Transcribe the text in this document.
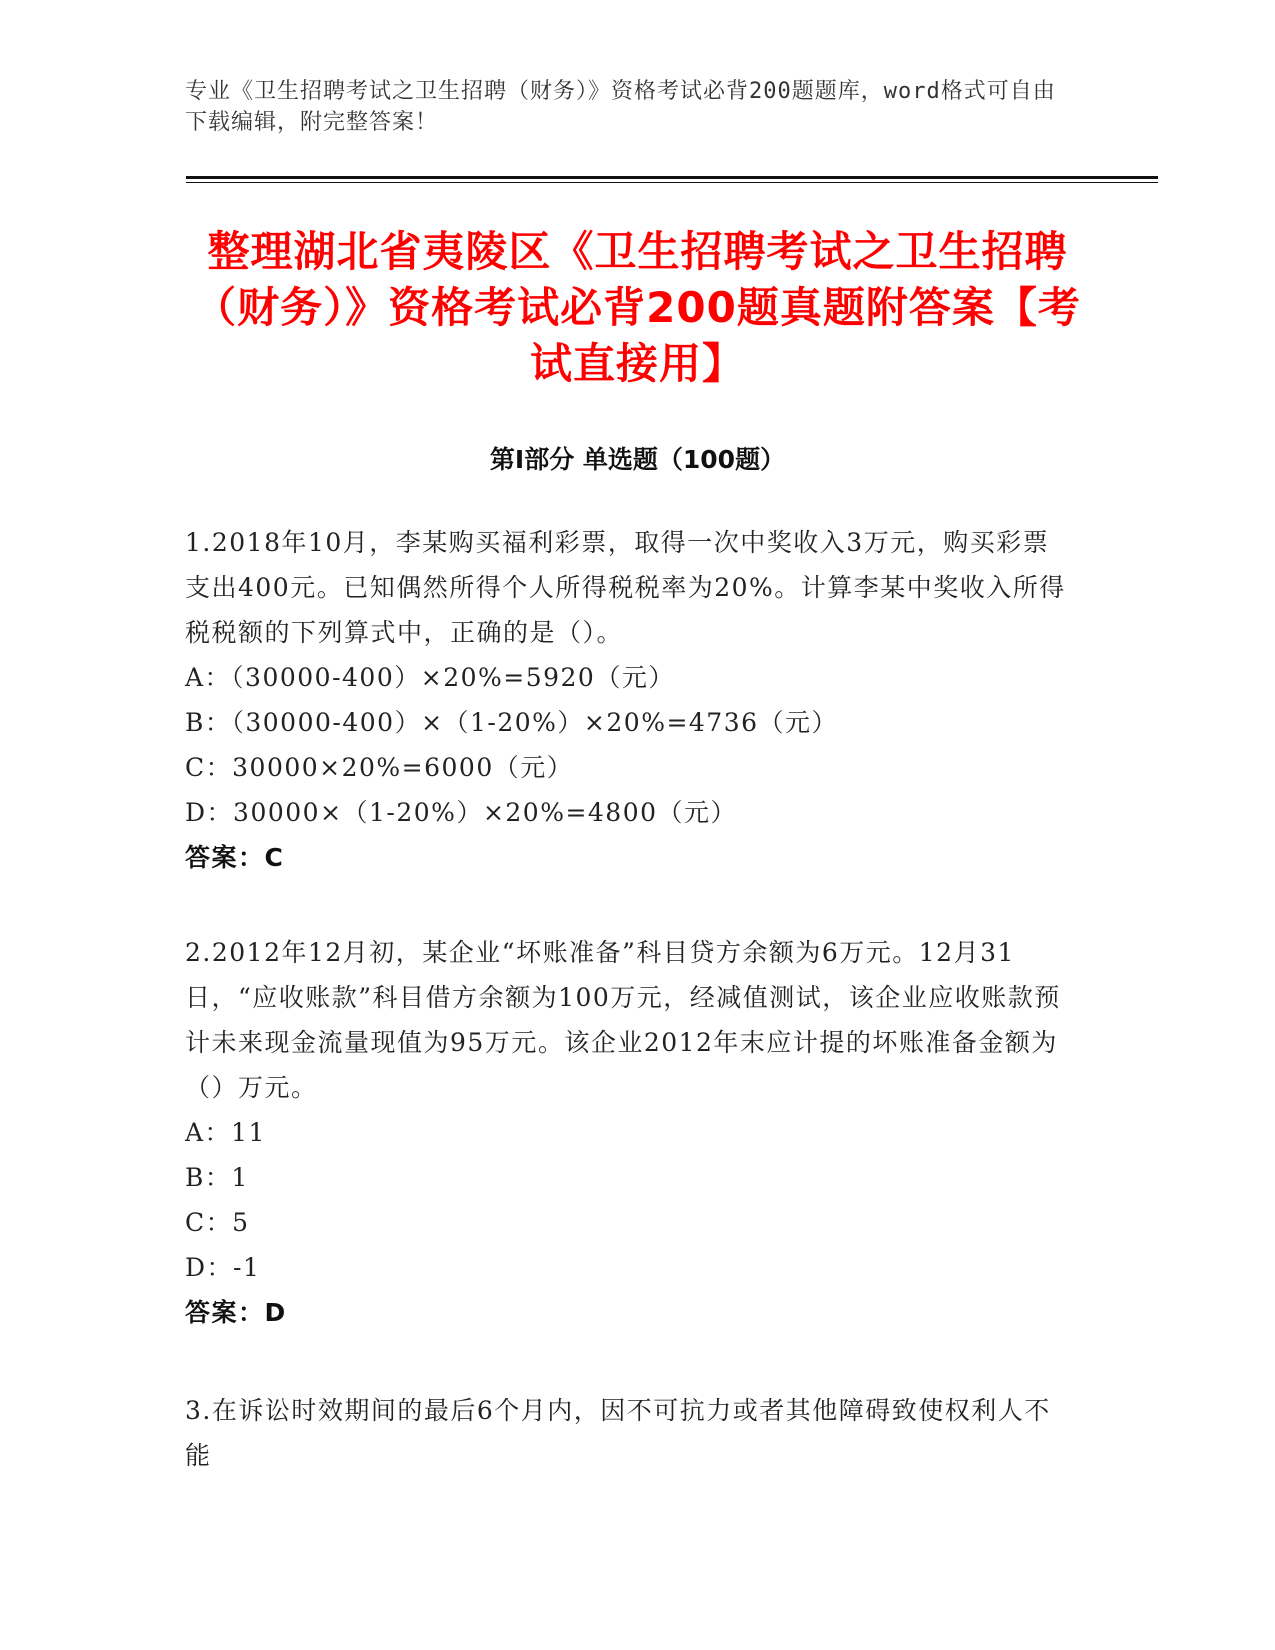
专业《卫生招聘考试之卫生招聘（财务）》资格考试必背200题题库，word格式可自由下载编辑，附完整答案！
整理湖北省夷陵区《卫生招聘考试之卫生招聘（财务）》资格考试必背200题真题附答案【考试直接用】
第Ⅰ部分 单选题（100题）

1.2018年10月，李某购买福利彩票，取得一次中奖收入3万元，购买彩票支出400元。已知偶然所得个人所得税税率为20%。计算李某中奖收入所得税税额的下列算式中，正确的是（）。

A：（30000-400）×20%=5920（元）

B：（30000-400）×（1-20%）×20%=4736（元）

C：30000×20%=6000（元）

D：30000×（1-20%）×20%=4800（元）

答案：C

2.2012年12月初，某企业“坏账准备”科目贷方余额为6万元。12月31日，“应收账款”科目借方余额为100万元，经减值测试，该企业应收账款预计未来现金流量现值为95万元。该企业2012年末应计提的坏账准备金额为（）万元。

A：11

B：1

C：5

D：-1

答案：D

3.在诉讼时效期间的最后6个月内，因不可抗力或者其他障碍致使权利人不能
